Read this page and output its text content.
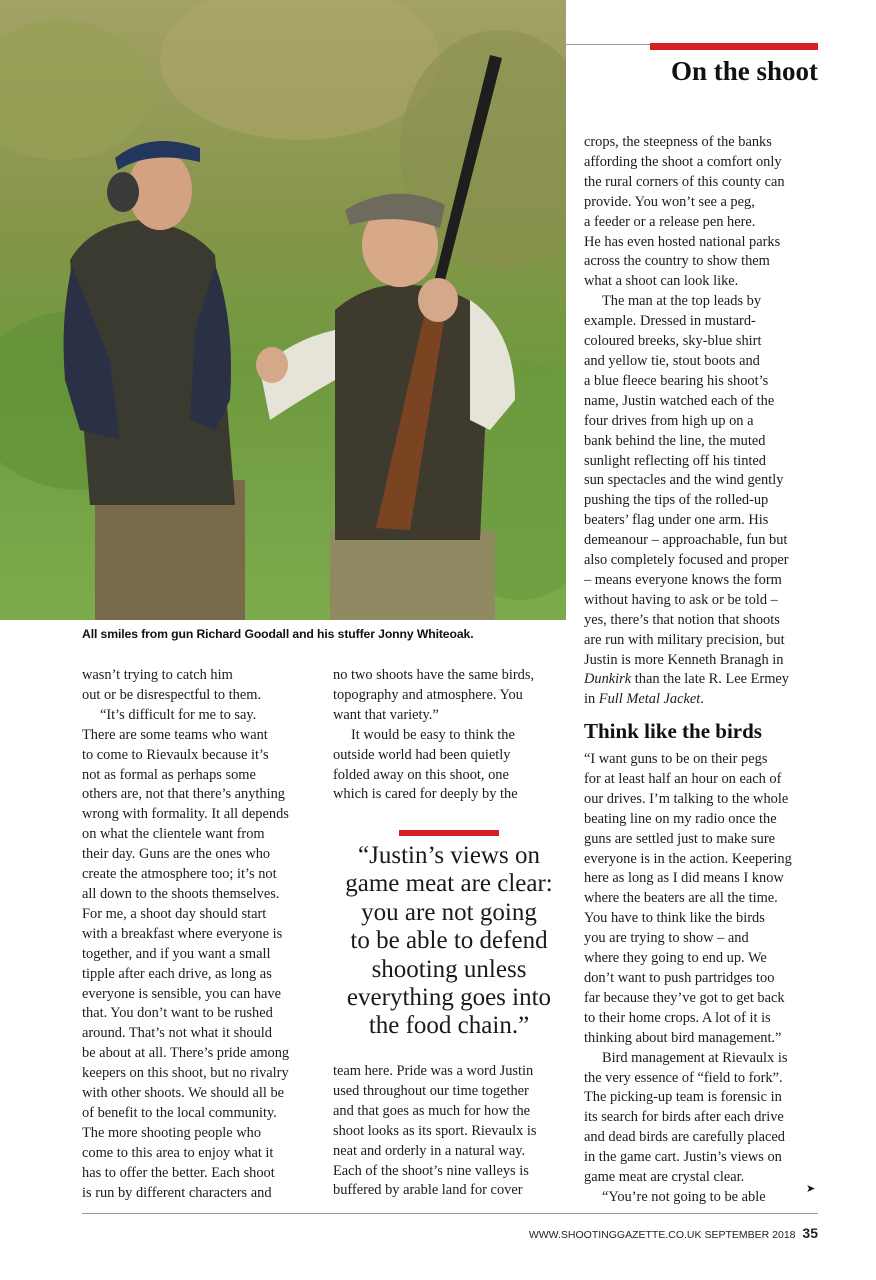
On the shoot
All smiles from gun Richard Goodall and his stuffer Jonny Whiteoak.
wasn’t trying to catch him
out or be disrespectful to them.
“It’s difficult for me to say.
There are some teams who want
to come to Rievaulx because it’s
not as formal as perhaps some
others are, not that there’s anything
wrong with formality. It all depends
on what the clientele want from
their day. Guns are the ones who
create the atmosphere too; it’s not
all down to the shoots themselves.
For me, a shoot day should start
with a breakfast where everyone is
together, and if you want a small
tipple after each drive, as long as
everyone is sensible, you can have
that. You don’t want to be rushed
around. That’s not what it should
be about at all. There’s pride among
keepers on this shoot, but no rivalry
with other shoots. We should all be
of benefit to the local community.
The more shooting people who
come to this area to enjoy what it
has to offer the better. Each shoot
is run by different characters and
no two shoots have the same birds,
topography and atmosphere. You
want that variety.”
It would be easy to think the
outside world had been quietly
folded away on this shoot, one
which is cared for deeply by the
“Justin’s views on
game meat are clear:
you are not going
to be able to defend
shooting unless
everything goes into
the food chain.”
team here. Pride was a word Justin
used throughout our time together
and that goes as much for how the
shoot looks as its sport. Rievaulx is
neat and orderly in a natural way.
Each of the shoot’s nine valleys is
buffered by arable land for cover
crops, the steepness of the banks
affording the shoot a comfort only
the rural corners of this county can
provide. You won’t see a peg,
a feeder or a release pen here.
He has even hosted national parks
across the country to show them
what a shoot can look like.
The man at the top leads by
example. Dressed in mustard-
coloured breeks, sky-blue shirt
and yellow tie, stout boots and
a blue fleece bearing his shoot’s
name, Justin watched each of the
four drives from high up on a
bank behind the line, the muted
sunlight reflecting off his tinted
sun spectacles and the wind gently
pushing the tips of the rolled-up
beaters’ flag under one arm. His
demeanour – approachable, fun but
also completely focused and proper
– means everyone knows the form
without having to ask or be told –
yes, there’s that notion that shoots
are run with military precision, but
Justin is more Kenneth Branagh in
Dunkirk than the late R. Lee Ermey
in Full Metal Jacket.
Think like the birds
“I want guns to be on their pegs
for at least half an hour on each of
our drives. I’m talking to the whole
beating line on my radio once the
guns are settled just to make sure
everyone is in the action. Keepering
here as long as I did means I know
where the beaters are all the time.
You have to think like the birds
you are trying to show – and
where they going to end up. We
don’t want to push partridges too
far because they’ve got to get back
to their home crops. A lot of it is
thinking about bird management.”
Bird management at Rievaulx is
the very essence of “field to fork”.
The picking-up team is forensic in
its search for birds after each drive
and dead birds are carefully placed
in the game cart. Justin’s views on
game meat are crystal clear.
“You’re not going to be able
➤
WWW.SHOOTINGGAZETTE.CO.UK SEPTEMBER 2018 35
